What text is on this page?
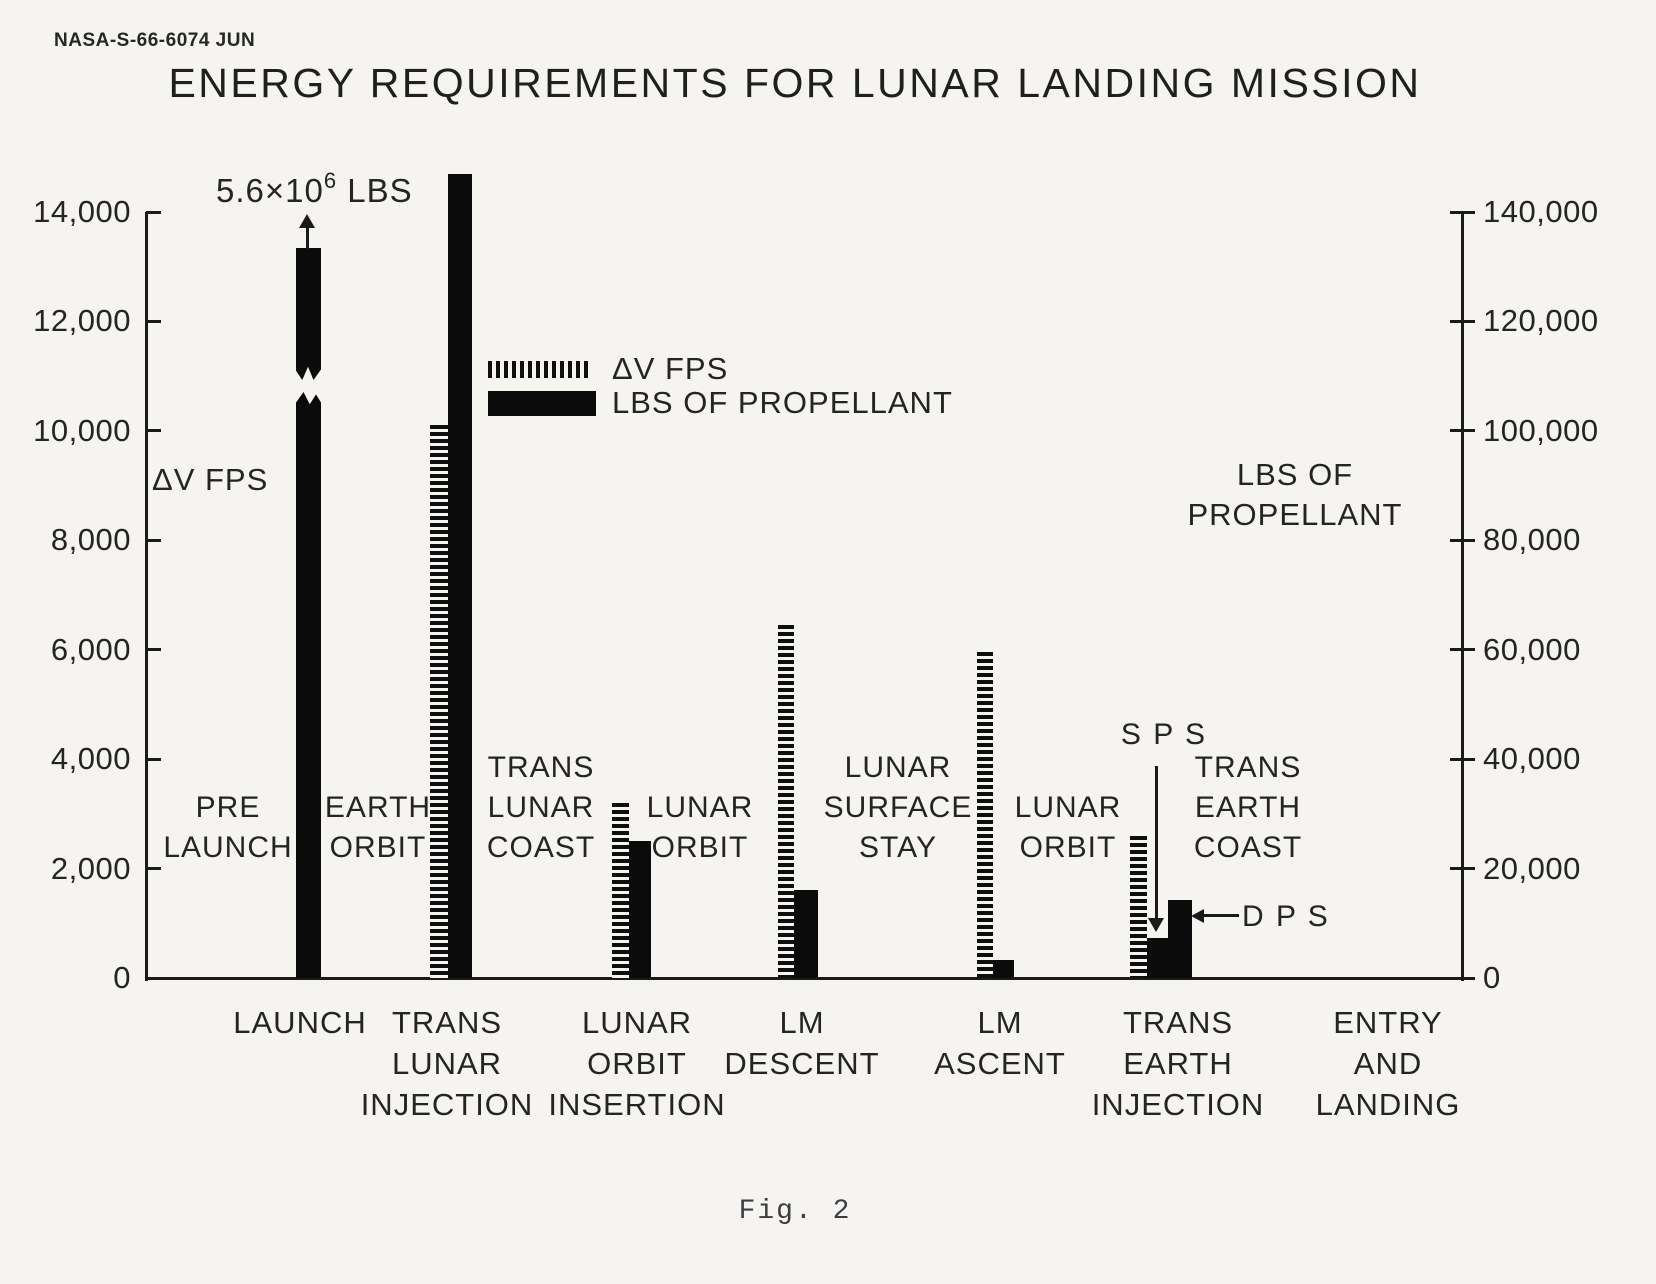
NASA-S-66-6074 JUN
ENERGY REQUIREMENTS FOR LUNAR LANDING MISSION
14,000	140,000
12,000	120,000
10,000	100,000
8,000	80,000
6,000	60,000
4,000	40,000
2,000	20,000
0	0
PRE
LAUNCH
EARTH
ORBIT
TRANS
LUNAR
COAST
LUNAR
ORBIT
LUNAR
SURFACE
STAY
LUNAR
ORBIT
TRANS
EARTH
COAST
LAUNCH TRANS
LUNAR
INJECTION
LUNAR
ORBIT
INSERTION
LM
DESCENT
LM
ASCENT
TRANS
EARTH
INJECTION
ENTRY
AND
LANDING
ΔV FPS
LBS OF PROPELLANT
ΔV FPS	LBS OF
PROPELLANT
$5.6\times 10^6$ LBS
S P S
D P S
Fig. 2
